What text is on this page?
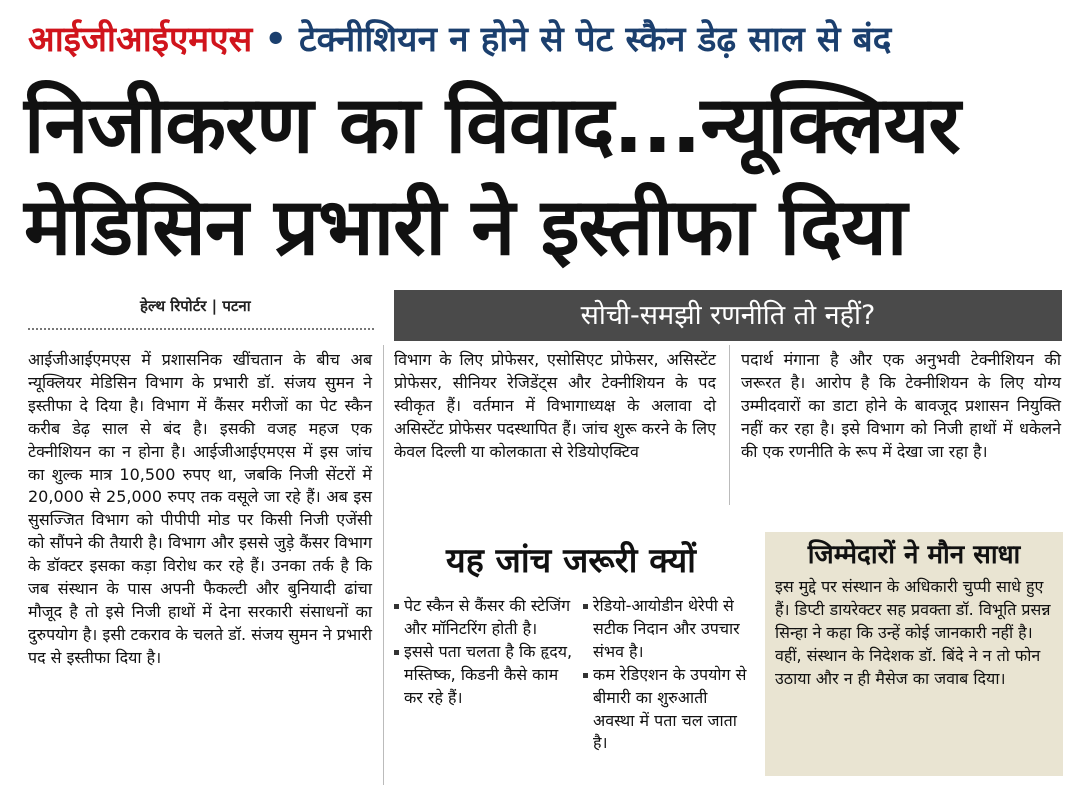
आईजीआईएमएस • टेक्नीशियन न होने से पेट स्कैन डेढ़ साल से बंद
निजीकरण का विवाद...न्यूक्लियर
मेडिसिन प्रभारी ने इस्तीफा दिया
हेल्थ रिपोर्टर | पटना	सोची-समझी रणनीति तो नहीं?

आईजीआईएमएस में प्रशासनिक खींचतान के बीच अब न्यूक्लियर मेडिसिन विभाग के प्रभारी डॉ. संजय सुमन ने इस्तीफा दे दिया है। विभाग में कैंसर मरीजों का पेट स्कैन करीब डेढ़ साल से बंद है। इसकी वजह महज एक टेक्नीशियन का न होना है। आईजीआईएमएस में इस जांच का शुल्क मात्र 10,500 रुपए था, जबकि निजी सेंटरों में 20,000 से 25,000 रुपए तक वसूले जा रहे हैं। अब इस सुसज्जित विभाग को पीपीपी मोड पर किसी निजी एजेंसी को सौंपने की तैयारी है। विभाग और इससे जुड़े कैंसर विभाग के डॉक्टर इसका कड़ा विरोध कर रहे हैं। उनका तर्क है कि जब संस्थान के पास अपनी फैकल्टी और बुनियादी ढांचा मौजूद है तो इसे निजी हाथों में देना सरकारी संसाधनों का दुरुपयोग है। इसी टकराव के चलते डॉ. संजय सुमन ने प्रभारी पद से इस्तीफा दिया है।

विभाग के लिए प्रोफेसर, एसोसिएट प्रोफेसर, असिस्टेंट प्रोफेसर, सीनियर रेजिडेंट्स और टेक्नीशियन के पद स्वीकृत हैं। वर्तमान में विभागाध्यक्ष के अलावा दो असिस्टेंट प्रोफेसर पदस्थापित हैं। जांच शुरू करने के लिए केवल दिल्ली या कोलकाता से रेडियोएक्टिव

पदार्थ मंगाना है और एक अनुभवी टेक्नीशियन की जरूरत है। आरोप है कि टेक्नीशियन के लिए योग्य उम्मीदवारों का डाटा होने के बावजूद प्रशासन नियुक्ति नहीं कर रहा है। इसे विभाग को निजी हाथों में धकेलने की एक रणनीति के रूप में देखा जा रहा है।

यह जांच जरूरी क्यों
पेट स्कैन से कैंसर की स्टेजिंग और मॉनिटरिंग होती है।
इससे पता चलता है कि हृदय, मस्तिष्क, किडनी कैसे काम कर रहे हैं।
रेडियो-आयोडीन थेरेपी से सटीक निदान और उपचार संभव है।
कम रेडिएशन के उपयोग से बीमारी का शुरुआती अवस्था में पता चल जाता है।
जिम्मेदारों ने मौन साधा

इस मुद्दे पर संस्थान के अधिकारी चुप्पी साधे हुए हैं। डिप्टी डायरेक्टर सह प्रवक्ता डॉ. विभूति प्रसन्न सिन्हा ने कहा कि उन्हें कोई जानकारी नहीं है। वहीं, संस्थान के निदेशक डॉ. बिंदे ने न तो फोन उठाया और न ही मैसेज का जवाब दिया।
